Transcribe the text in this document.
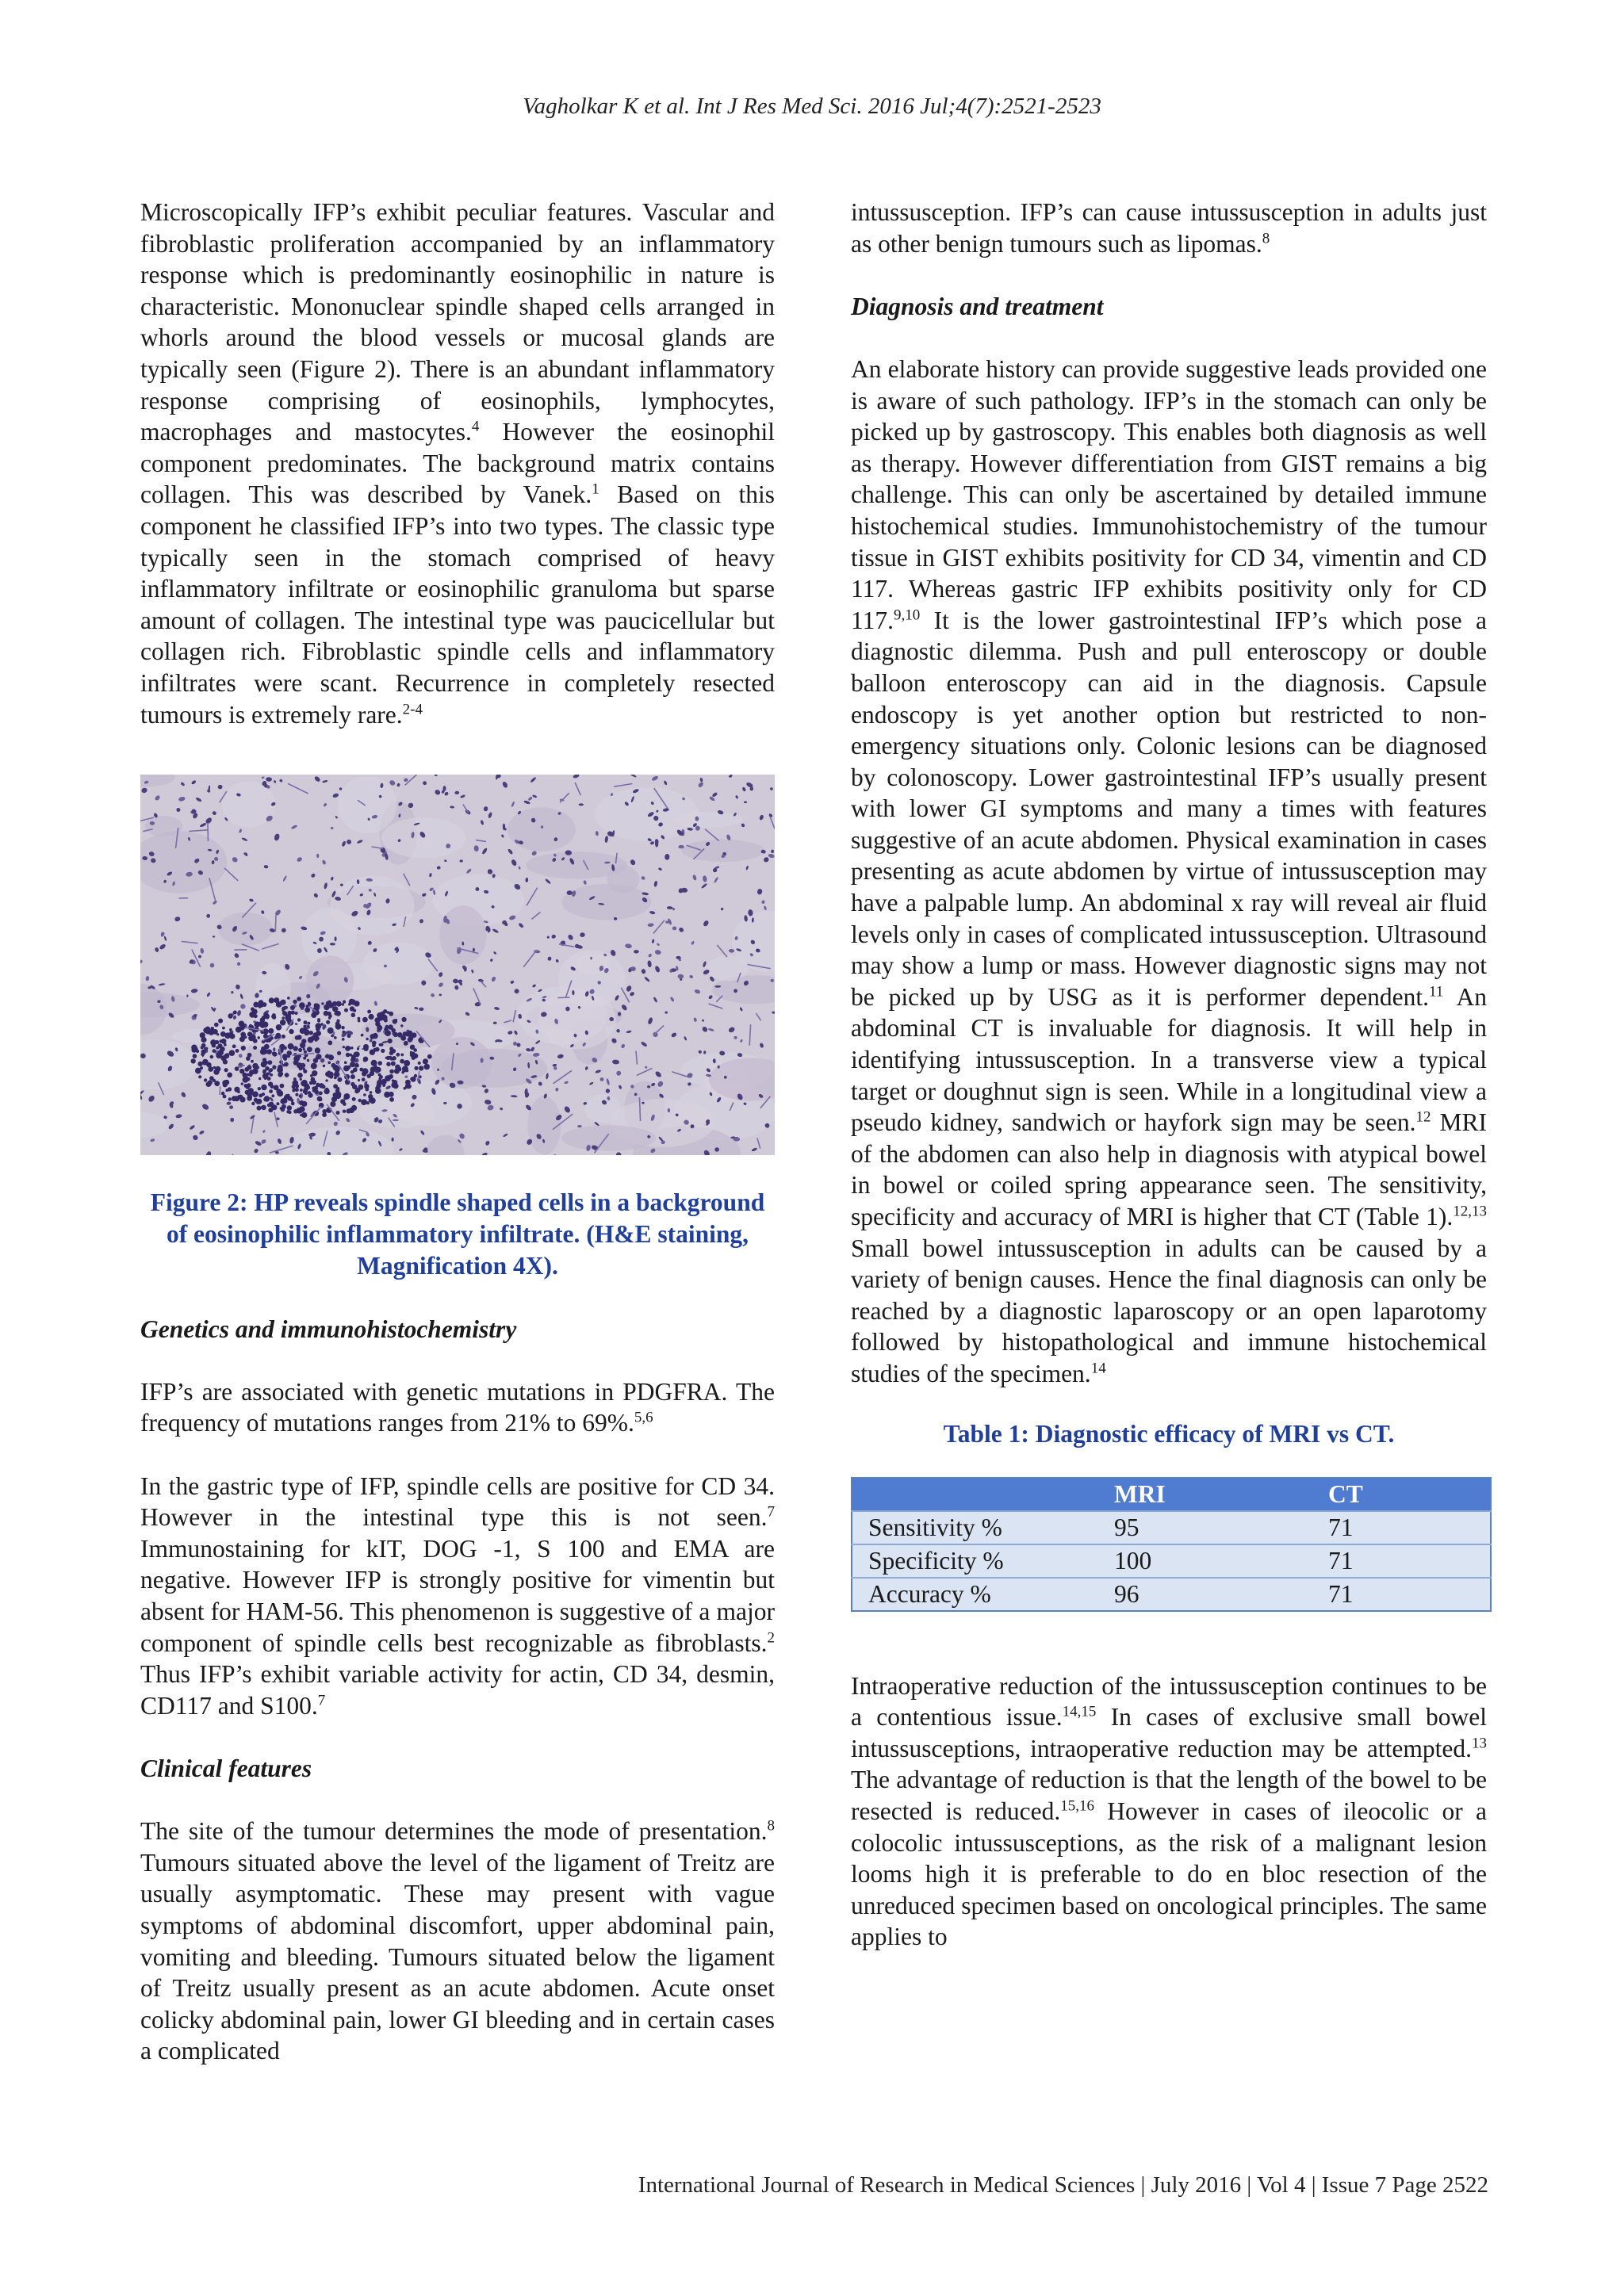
Vagholkar K et al. Int J Res Med Sci. 2016 Jul;4(7):2521-2523

Microscopically IFP’s exhibit peculiar features. Vascular and fibroblastic proliferation accompanied by an inflammatory response which is predominantly eosinophilic in nature is characteristic. Mononuclear spindle shaped cells arranged in whorls around the blood vessels or mucosal glands are typically seen (Figure 2). There is an abundant inflammatory response comprising of eosinophils, lymphocytes, macrophages and mastocytes.$^4$ However the eosinophil component predominates. The background matrix contains collagen. This was described by Vanek.$^1$ Based on this component he classified IFP’s into two types. The classic type typically seen in the stomach comprised of heavy inflammatory infiltrate or eosinophilic granuloma but sparse amount of collagen. The intestinal type was paucicellular but collagen rich. Fibroblastic spindle cells and inflammatory infiltrates were scant. Recurrence in completely resected tumours is extremely rare.$^{2-4}$

Figure 2: HP reveals spindle shaped cells in a background of eosinophilic inflammatory infiltrate. (H&E staining, Magnification 4X).

Genetics and immunohistochemistry

IFP’s are associated with genetic mutations in PDGFRA. The frequency of mutations ranges from 21% to 69%.$^{5,6}$

In the gastric type of IFP, spindle cells are positive for CD 34. However in the intestinal type this is not seen.$^7$ Immunostaining for kIT, DOG -1, S 100 and EMA are negative. However IFP is strongly positive for vimentin but absent for HAM-56. This phenomenon is suggestive of a major component of spindle cells best recognizable as fibroblasts.$^2$ Thus IFP’s exhibit variable activity for actin, CD 34, desmin, CD117 and S100.$^7$

Clinical features

The site of the tumour determines the mode of presentation.$^8$ Tumours situated above the level of the ligament of Treitz are usually asymptomatic. These may present with vague symptoms of abdominal discomfort, upper abdominal pain, vomiting and bleeding. Tumours situated below the ligament of Treitz usually present as an acute abdomen. Acute onset colicky abdominal pain, lower GI bleeding and in certain cases a complicated

intussusception. IFP’s can cause intussusception in adults just as other benign tumours such as lipomas.$^8$

Diagnosis and treatment

An elaborate history can provide suggestive leads provided one is aware of such pathology. IFP’s in the stomach can only be picked up by gastroscopy. This enables both diagnosis as well as therapy. However differentiation from GIST remains a big challenge. This can only be ascertained by detailed immune histochemical studies. Immunohistochemistry of the tumour tissue in GIST exhibits positivity for CD 34, vimentin and CD 117. Whereas gastric IFP exhibits positivity only for CD 117.$^{9,10}$ It is the lower gastrointestinal IFP’s which pose a diagnostic dilemma. Push and pull enteroscopy or double balloon enteroscopy can aid in the diagnosis. Capsule endoscopy is yet another option but restricted to non-emergency situations only. Colonic lesions can be diagnosed by colonoscopy. Lower gastrointestinal IFP’s usually present with lower GI symptoms and many a times with features suggestive of an acute abdomen. Physical examination in cases presenting as acute abdomen by virtue of intussusception may have a palpable lump. An abdominal x ray will reveal air fluid levels only in cases of complicated intussusception. Ultrasound may show a lump or mass. However diagnostic signs may not be picked up by USG as it is performer dependent.$^{11}$ An abdominal CT is invaluable for diagnosis. It will help in identifying intussusception. In a transverse view a typical target or doughnut sign is seen. While in a longitudinal view a pseudo kidney, sandwich or hayfork sign may be seen.$^{12}$ MRI of the abdomen can also help in diagnosis with atypical bowel in bowel or coiled spring appearance seen. The sensitivity, specificity and accuracy of MRI is higher that CT (Table 1).$^{12,13}$ Small bowel intussusception in adults can be caused by a variety of benign causes. Hence the final diagnosis can only be reached by a diagnostic laparoscopy or an open laparotomy followed by histopathological and immune histochemical studies of the specimen.$^{14}$

Table 1: Diagnostic efficacy of MRI vs CT.

	MRI	CT
Sensitivity %	95	71
Specificity %	100	71
Accuracy %	96	71

Intraoperative reduction of the intussusception continues to be a contentious issue.$^{14,15}$ In cases of exclusive small bowel intussusceptions, intraoperative reduction may be attempted.$^{13}$ The advantage of reduction is that the length of the bowel to be resected is reduced.$^{15,16}$ However in cases of ileocolic or a colocolic intussusceptions, as the risk of a malignant lesion looms high it is preferable to do en bloc resection of the unreduced specimen based on oncological principles. The same applies to

International Journal of Research in Medical Sciences | July 2016 | Vol 4 | Issue 7 Page 2522
